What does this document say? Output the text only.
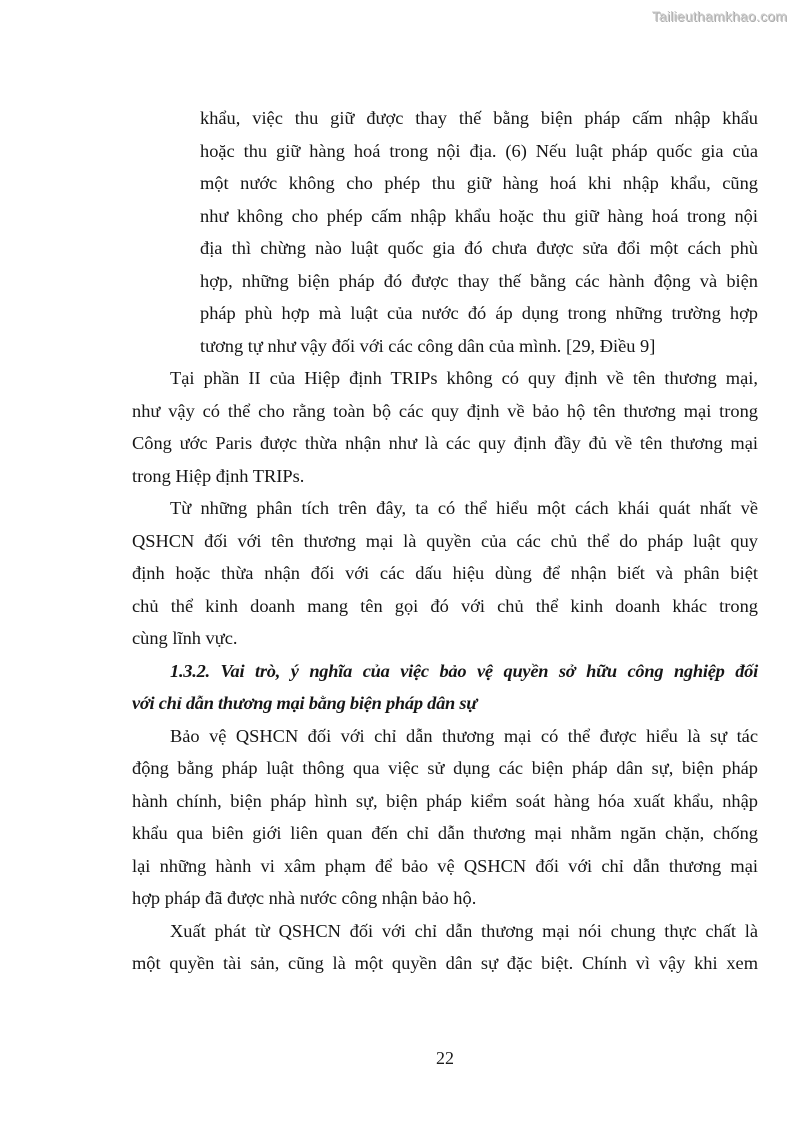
Tailieuthamkhao.com
khẩu, việc thu giữ được thay thế bằng biện pháp cấm nhập khẩu
hoặc thu giữ hàng hoá trong nội địa. (6) Nếu luật pháp quốc gia của
một nước không cho phép thu giữ hàng hoá khi nhập khẩu, cũng
như không cho phép cấm nhập khẩu hoặc thu giữ hàng hoá trong nội
địa thì chừng nào luật quốc gia đó chưa được sửa đổi một cách phù
hợp, những biện pháp đó được thay thế bằng các hành động và biện
pháp phù hợp mà luật của nước đó áp dụng trong những trường hợp
tương tự như vậy đối với các công dân của mình. [29, Điều 9]
Tại phần II của Hiệp định TRIPs không có quy định về tên thương mại,
như vậy có thể cho rằng toàn bộ các quy định về bảo hộ tên thương mại trong
Công ước Paris được thừa nhận như là các quy định đầy đủ về tên thương mại
trong Hiệp định TRIPs.
Từ những phân tích trên đây, ta có thể hiểu một cách khái quát nhất về
QSHCN đối với tên thương mại là quyền của các chủ thể do pháp luật quy
định hoặc thừa nhận đối với các dấu hiệu dùng để nhận biết và phân biệt
chủ thể kinh doanh mang tên gọi đó với chủ thể kinh doanh khác trong
cùng lĩnh vực.
1.3.2. Vai trò, ý nghĩa của việc bảo vệ quyền sở hữu công nghiệp đối
với chỉ dẫn thương mại bằng biện pháp dân sự
Bảo vệ QSHCN đối với chỉ dẫn thương mại có thể được hiểu là sự tác
động bằng pháp luật thông qua việc sử dụng các biện pháp dân sự, biện pháp
hành chính, biện pháp hình sự, biện pháp kiểm soát hàng hóa xuất khẩu, nhập
khẩu qua biên giới liên quan đến chỉ dẫn thương mại nhằm ngăn chặn, chống
lại những hành vi xâm phạm để bảo vệ QSHCN đối với chỉ dẫn thương mại
hợp pháp đã được nhà nước công nhận bảo hộ.
Xuất phát từ QSHCN đối với chỉ dẫn thương mại nói chung thực chất là
một quyền tài sản, cũng là một quyền dân sự đặc biệt. Chính vì vậy khi xem
22
